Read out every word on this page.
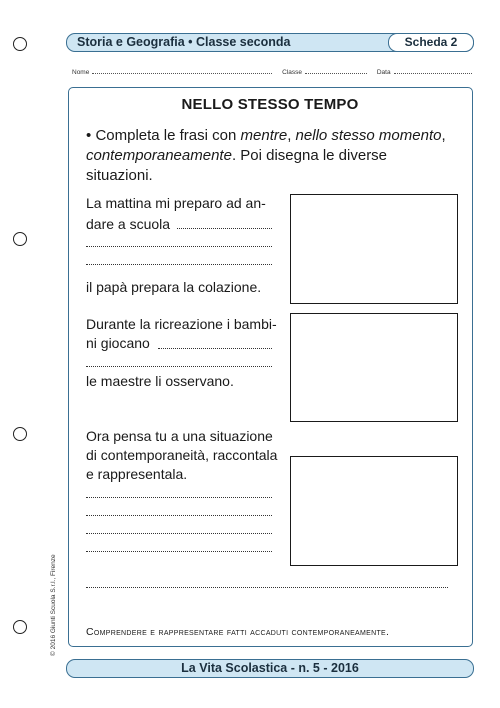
Storia e Geografia • Classe seconda	Scheda 2
Nome	Classe	Data
NELLO STESSO TEMPO
• Completa le frasi con mentre, nello stesso momento, contemporaneamente. Poi disegna le diverse situazioni.
La mattina mi preparo ad an-
dare a scuola
il papà prepara la colazione.
Durante la ricreazione i bambi-
ni giocano
le maestre li osservano.
Ora pensa tu a una situazione
di contemporaneità, raccontala
e rappresentala.
Comprendere e rappresentare fatti accaduti contemporaneamente.
© 2016 Giunti Scuola S.r.l., Firenze
La Vita Scolastica - n. 5 - 2016
